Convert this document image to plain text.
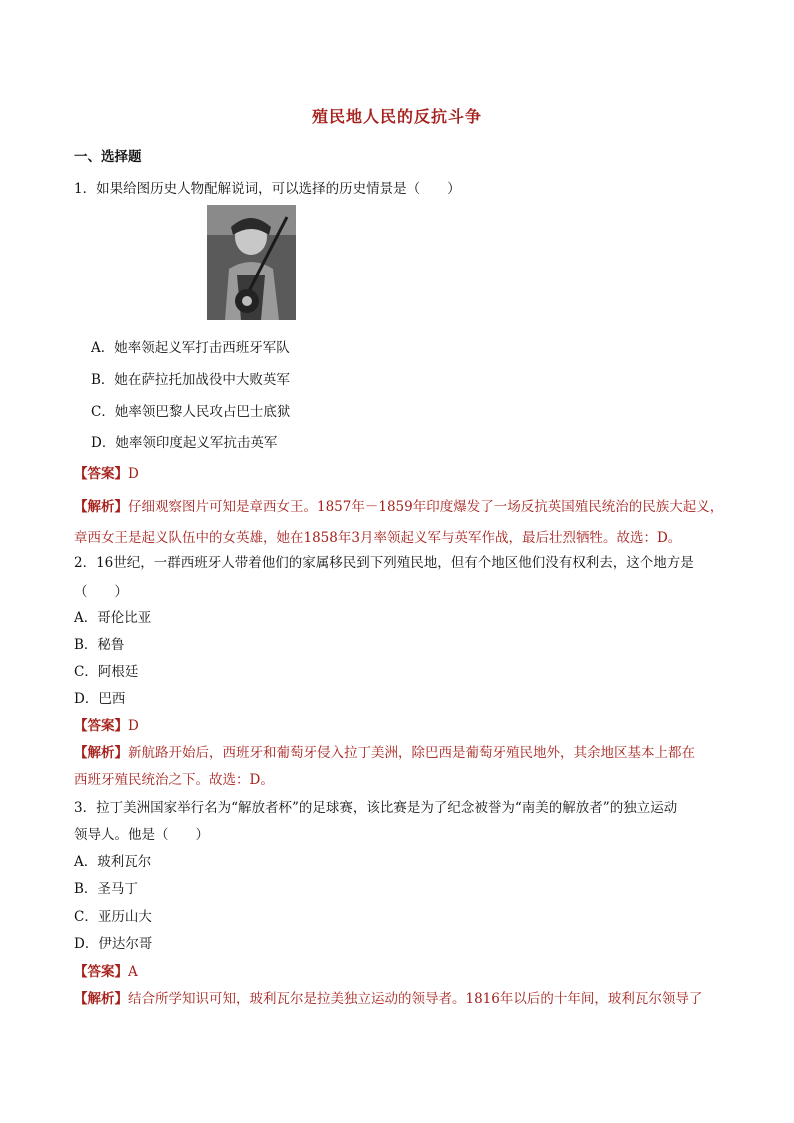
殖民地人民的反抗斗争
一、选择题
1．如果给图历史人物配解说词，可以选择的历史情景是（　　）
A．她率领起义军打击西班牙军队
B．她在萨拉托加战役中大败英军
C．她率领巴黎人民攻占巴士底狱
D．她率领印度起义军抗击英军
【答案】D
【解析】仔细观察图片可知是章西女王。1857年－1859年印度爆发了一场反抗英国殖民统治的民族大起义，
章西女王是起义队伍中的女英雄，她在1858年3月率领起义军与英军作战，最后壮烈牺牲。故选：D。
2．16世纪，一群西班牙人带着他们的家属移民到下列殖民地，但有个地区他们没有权利去，这个地方是
（　　）
A．哥伦比亚
B．秘鲁
C．阿根廷
D．巴西
【答案】D
【解析】新航路开始后，西班牙和葡萄牙侵入拉丁美洲，除巴西是葡萄牙殖民地外，其余地区基本上都在
西班牙殖民统治之下。故选：D。
3．拉丁美洲国家举行名为“解放者杯”的足球赛，该比赛是为了纪念被誉为“南美的解放者”的独立运动
领导人。他是（　　）
A．玻利瓦尔
B．圣马丁
C．亚历山大
D．伊达尔哥
【答案】A
【解析】结合所学知识可知，玻利瓦尔是拉美独立运动的领导者。1816年以后的十年间，玻利瓦尔领导了
